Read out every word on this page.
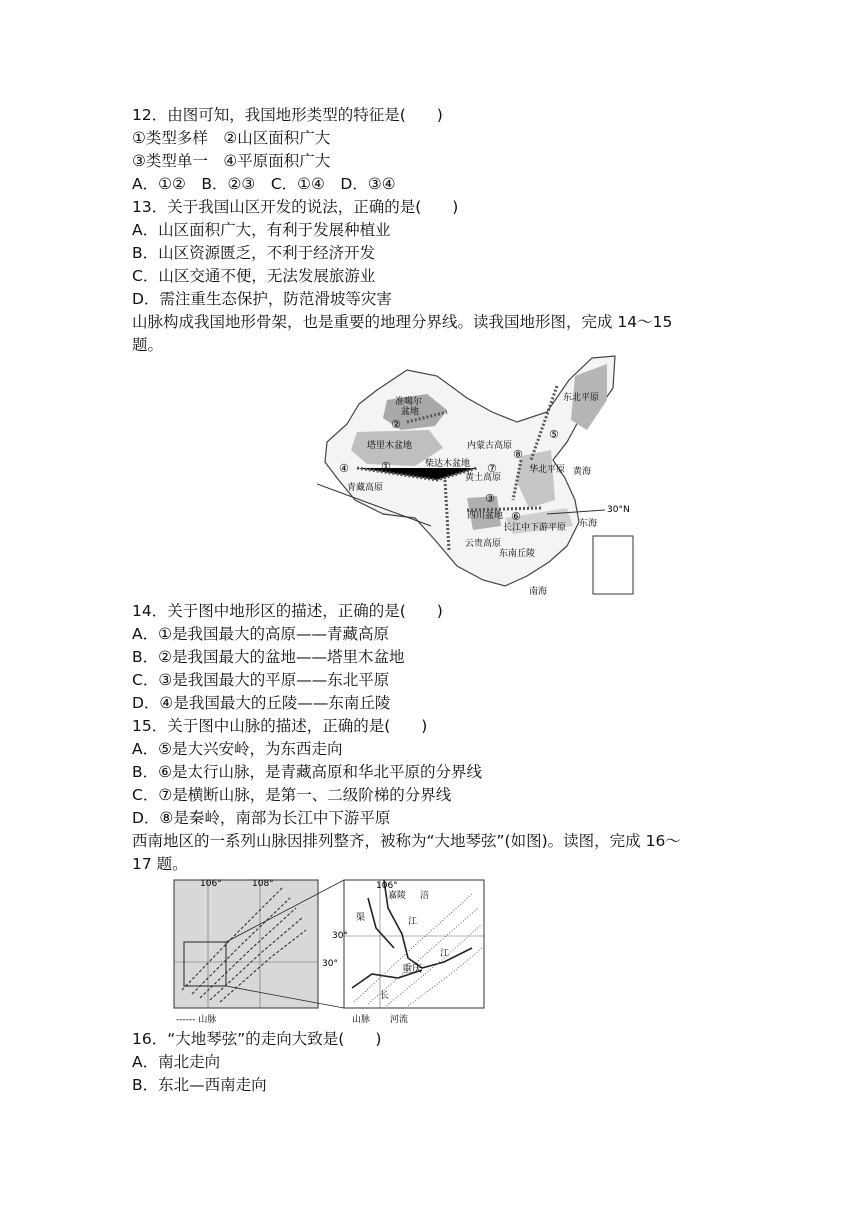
12．由图可知，我国地形类型的特征是(　　)
①类型多样　②山区面积广大
③类型单一　④平原面积广大
A．①②　B．②③　C．①④　D．③④
13．关于我国山区开发的说法，正确的是(　　)
A．山区面积广大，有利于发展种植业
B．山区资源匮乏，不利于经济开发
C．山区交通不便，无法发展旅游业
D．需注重生态保护，防范滑坡等灾害
山脉构成我国地形骨架，也是重要的地理分界线。读我国地形图，完成 14～15
题。
准噶尔
盆地
塔里木盆地
青藏高原
柴达木盆地
内蒙古高原
黄土高原
四川盆地
云贵高原
东北平原
华北平原
长江中下游平原
东南丘陵
黄海
东海
南海
30°N
①
②
③
④
⑤
⑥
⑦
⑧
14．关于图中地形区的描述，正确的是(　　)
A．①是我国最大的高原——青藏高原
B．②是我国最大的盆地——塔里木盆地
C．③是我国最大的平原——东北平原
D．④是我国最大的丘陵——东南丘陵
15．关于图中山脉的描述，正确的是(　　)
A．⑤是大兴安岭，为东西走向
B．⑥是太行山脉，是青藏高原和华北平原的分界线
C．⑦是横断山脉，是第一、二级阶梯的分界线
D．⑧是秦岭，南部为长江中下游平原
西南地区的一系列山脉因排列整齐，被称为“大地琴弦”(如图)。读图，完成 16～
17 题。
106°	108°
30°
------ 山脉
106°
30°
嘉陵
渠
涪
江
重庆
长
江
山脉 河流
16．“大地琴弦”的走向大致是(　　)
A．南北走向
B．东北—西南走向
